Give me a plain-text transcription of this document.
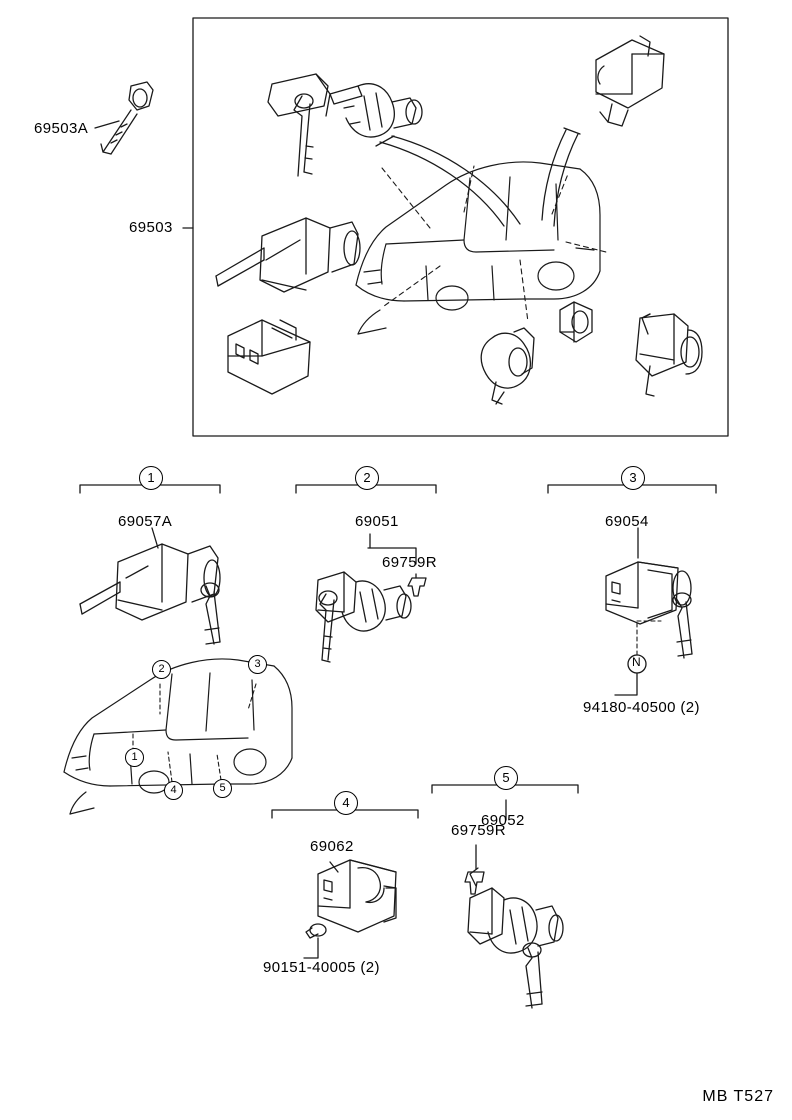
69503A
69503
1	2	3
4
5
69057A	69051
69759R
69054
94180-40500 (2)
N
69062
90151-40005 (2)
69052
69759R
2	3
1
4	5
MB T527
